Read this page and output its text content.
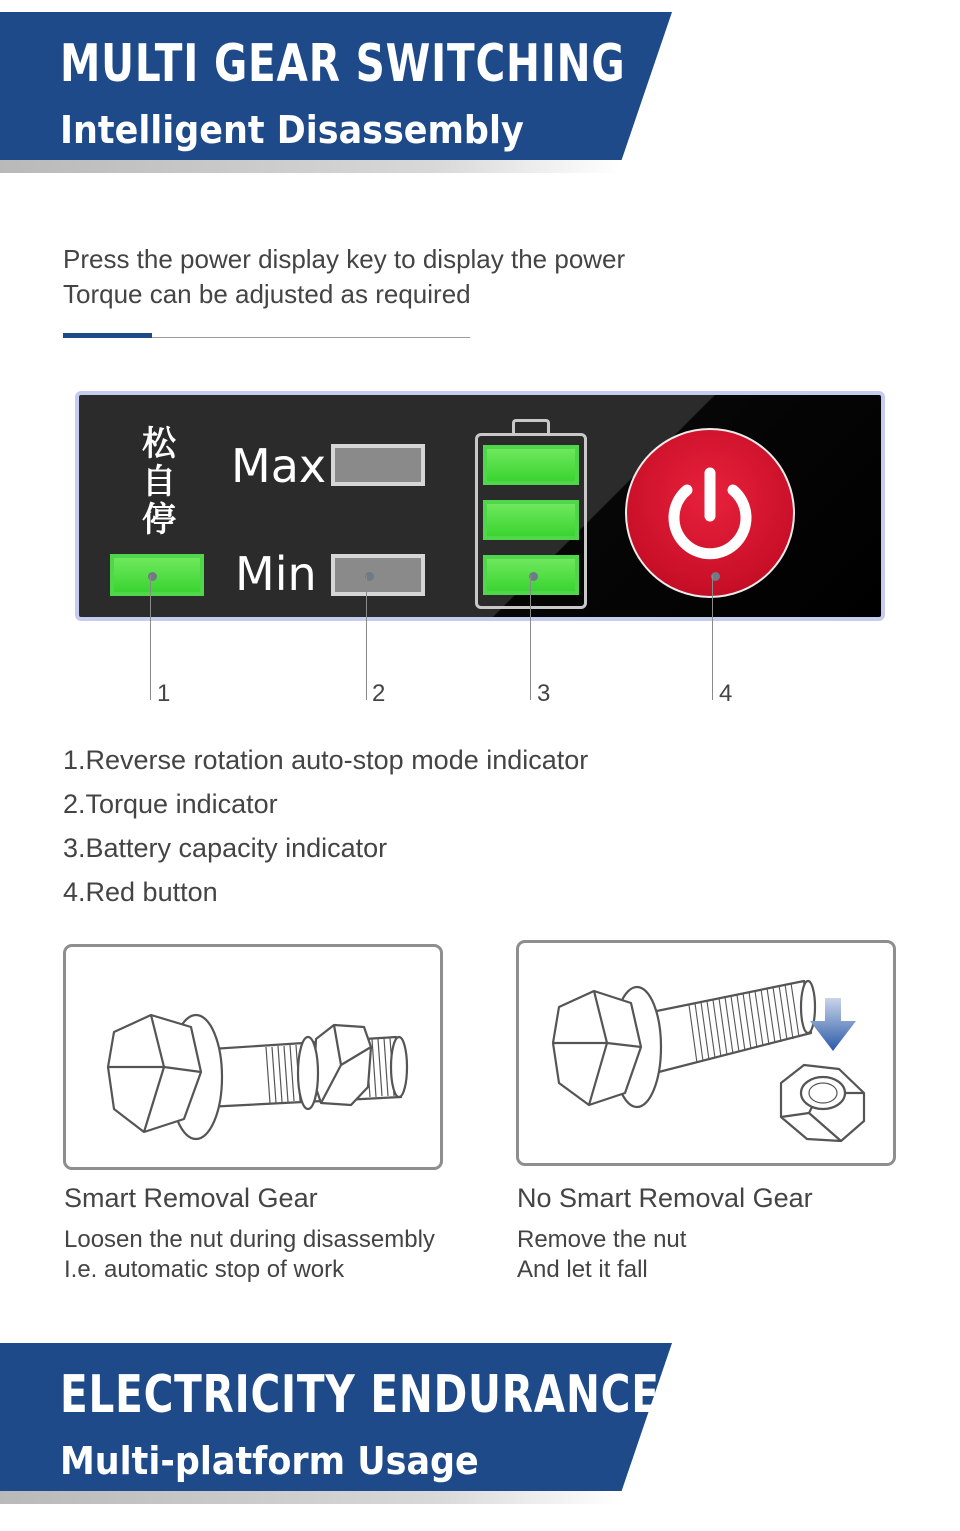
MULTI GEAR SWITCHING
Intelligent Disassembly
Press the power display key to display the power
Torque can be adjusted as required
松
自
停
Max
Min
1	2	3	4
1.Reverse rotation auto-stop mode indicator
2.Torque indicator
3.Battery capacity indicator
4.Red button
Smart Removal Gear
Loosen the nut during disassembly
I.e. automatic stop of work
No Smart Removal Gear
Remove the nut
And let it fall
ELECTRICITY ENDURANCE
Multi-platform Usage
